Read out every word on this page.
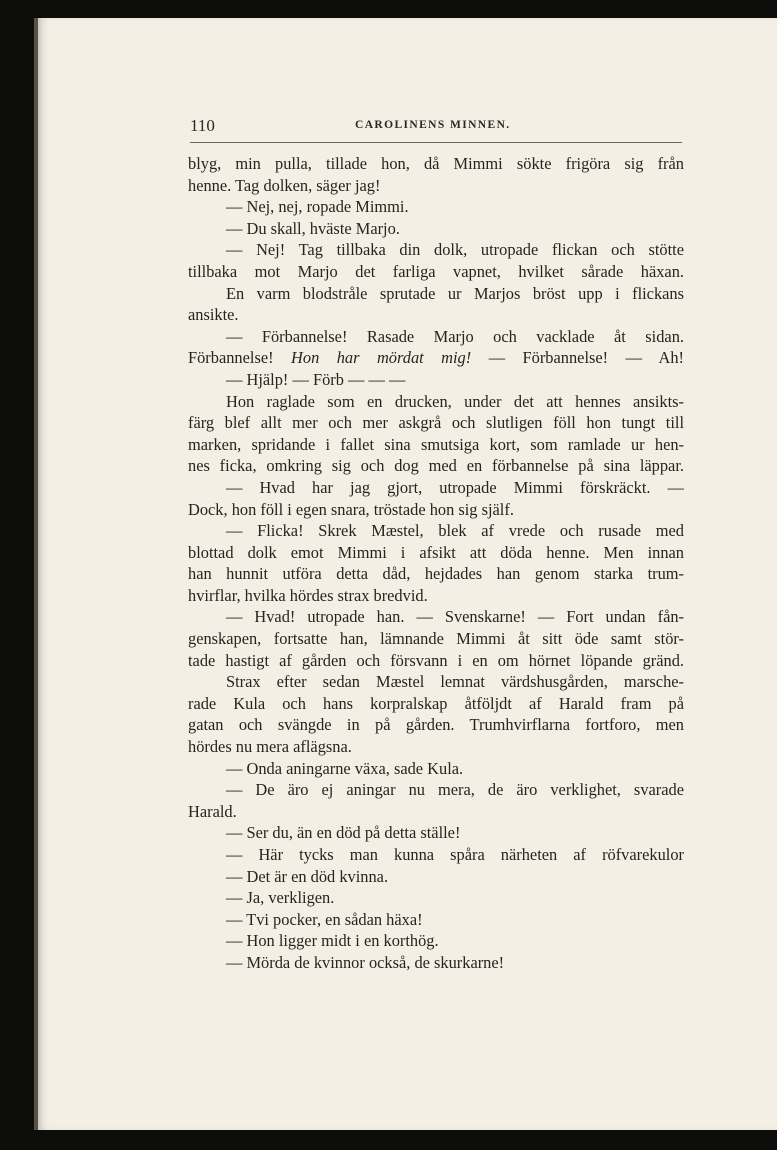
110	CAROLINENS MINNEN.
blyg, min pulla, tillade hon, då Mimmi sökte frigöra sig från
henne. Tag dolken, säger jag!
— Nej, nej, ropade Mimmi.
— Du skall, hväste Marjo.
— Nej! Tag tillbaka din dolk, utropade flickan och stötte
tillbaka mot Marjo det farliga vapnet, hvilket sårade häxan.
En varm blodstråle sprutade ur Marjos bröst upp i flickans
ansikte.
— Förbannelse! Rasade Marjo och vacklade åt sidan.
Förbannelse! Hon har mördat mig! — Förbannelse! — Ah!
— Hjälp! — Förb — — —
Hon raglade som en drucken, under det att hennes ansikts-
färg blef allt mer och mer askgrå och slutligen föll hon tungt till
marken, spridande i fallet sina smutsiga kort, som ramlade ur hen-
nes ficka, omkring sig och dog med en förbannelse på sina läppar.
— Hvad har jag gjort, utropade Mimmi förskräckt. —
Dock, hon föll i egen snara, tröstade hon sig själf.
— Flicka! Skrek Mæstel, blek af vrede och rusade med
blottad dolk emot Mimmi i afsikt att döda henne. Men innan
han hunnit utföra detta dåd, hejdades han genom starka trum-
hvirflar, hvilka hördes strax bredvid.
— Hvad! utropade han. — Svenskarne! — Fort undan fån-
genskapen, fortsatte han, lämnande Mimmi åt sitt öde samt stör-
tade hastigt af gården och försvann i en om hörnet löpande gränd.
Strax efter sedan Mæstel lemnat värdshusgården, marsche-
rade Kula och hans korpralskap åtföljdt af Harald fram på
gatan och svängde in på gården. Trumhvirflarna fortforo, men
hördes nu mera aflägsna.
— Onda aningarne växa, sade Kula.
— De äro ej aningar nu mera, de äro verklighet, svarade
Harald.
— Ser du, än en död på detta ställe!
— Här tycks man kunna spåra närheten af röfvarekulor
— Det är en död kvinna.
— Ja, verkligen.
— Tvi pocker, en sådan häxa!
— Hon ligger midt i en korthög.
— Mörda de kvinnor också, de skurkarne!
